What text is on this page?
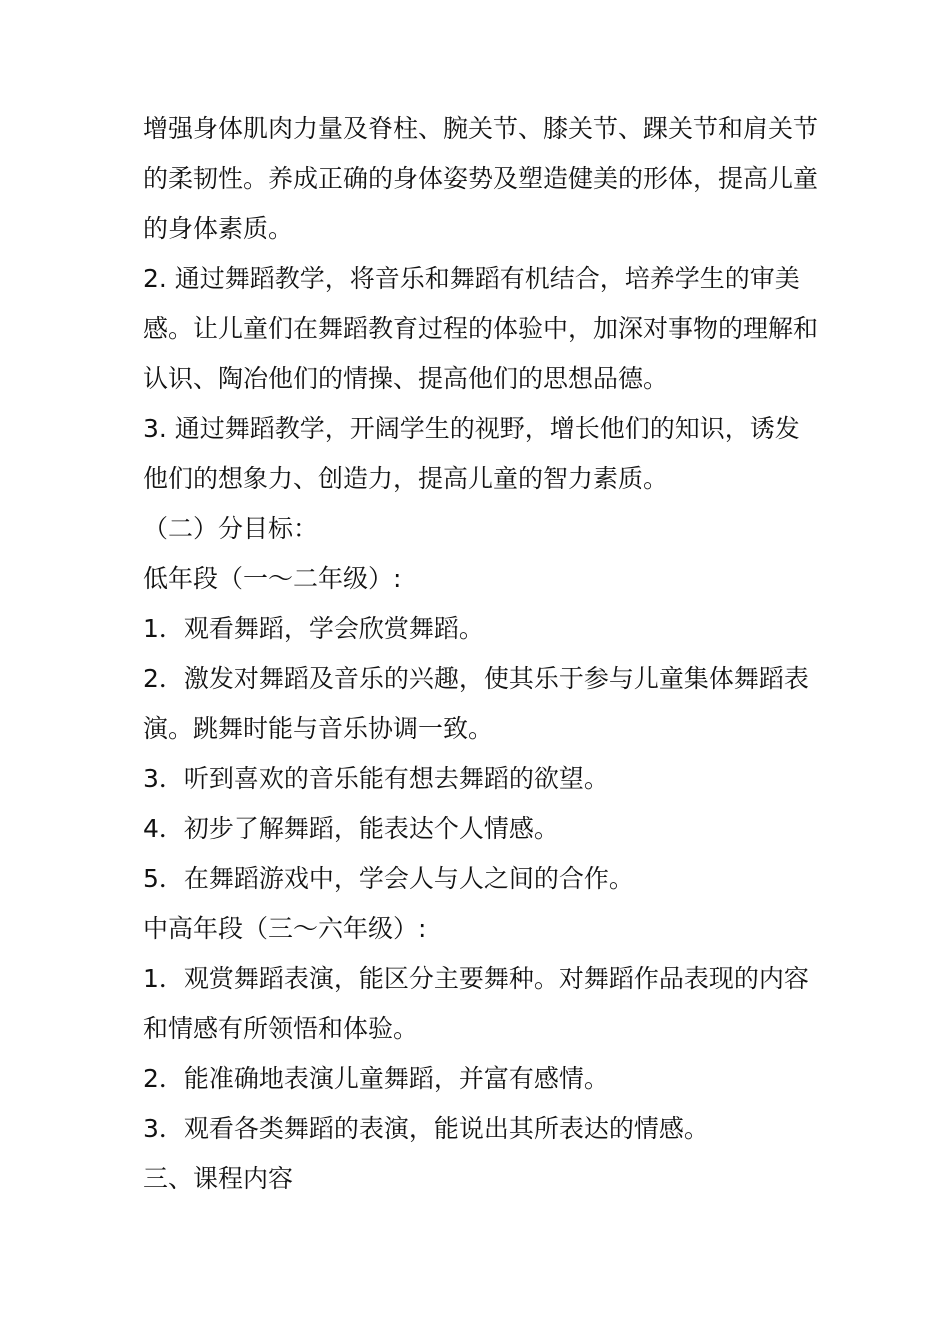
增强身体肌肉力量及脊柱、腕关节、膝关节、踝关节和肩关节的柔韧性。养成正确的身体姿势及塑造健美的形体，提高儿童的身体素质。

2. 通过舞蹈教学，将音乐和舞蹈有机结合，培养学生的审美感。让儿童们在舞蹈教育过程的体验中，加深对事物的理解和认识、陶冶他们的情操、提高他们的思想品德。

3. 通过舞蹈教学，开阔学生的视野，增长他们的知识，诱发他们的想象力、创造力，提高儿童的智力素质。

（二）分目标：

低年段（一～二年级）:

1．观看舞蹈，学会欣赏舞蹈。

2．激发对舞蹈及音乐的兴趣，使其乐于参与儿童集体舞蹈表演。跳舞时能与音乐协调一致。

3．听到喜欢的音乐能有想去舞蹈的欲望。

4．初步了解舞蹈，能表达个人情感。

5．在舞蹈游戏中，学会人与人之间的合作。

中高年段（三～六年级）:

1．观赏舞蹈表演，能区分主要舞种。对舞蹈作品表现的内容和情感有所领悟和体验。

2．能准确地表演儿童舞蹈，并富有感情。

3．观看各类舞蹈的表演，能说出其所表达的情感。

三、课程内容
